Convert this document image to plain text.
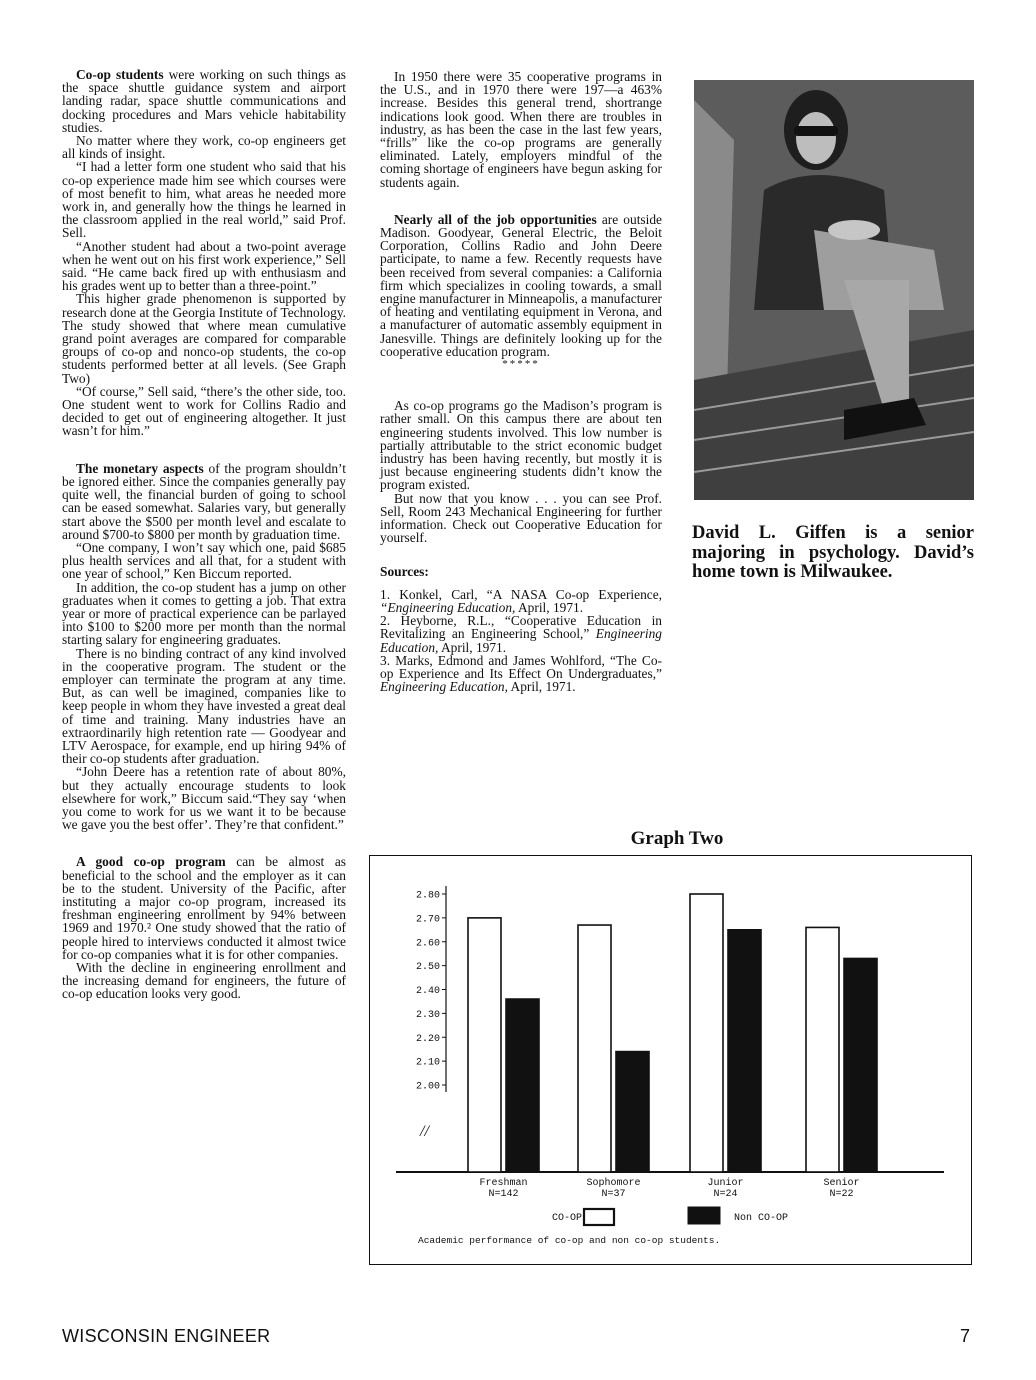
Co-op students were working on such things as the space shuttle guidance system and airport landing radar, space shuttle communications and docking procedures and Mars vehicle habitability studies.

No matter where they work, co-op engineers get all kinds of insight.

“I had a letter form one student who said that his co-op experience made him see which courses were of most benefit to him, what areas he needed more work in, and generally how the things he learned in the classroom applied in the real world,” said Prof. Sell.

“Another student had about a two-point average when he went out on his first work experience,” Sell said. “He came back fired up with enthusiasm and his grades went up to better than a three-point.”

This higher grade phenomenon is supported by research done at the Georgia Institute of Technology. The study showed that where mean cumulative grand point averages are compared for comparable groups of co-op and nonco-op students, the co-op students performed better at all levels. (See Graph Two)

“Of course,” Sell said, “there’s the other side, too. One student went to work for Collins Radio and decided to get out of engineering altogether. It just wasn’t for him.”

The monetary aspects of the program shouldn’t be ignored either. Since the companies generally pay quite well, the financial burden of going to school can be eased somewhat. Salaries vary, but generally start above the $500 per month level and escalate to around $700-to $800 per month by graduation time.

“One company, I won’t say which one, paid $685 plus health services and all that, for a student with one year of school,” Ken Biccum reported.

In addition, the co-op student has a jump on other graduates when it comes to getting a job. That extra year or more of practical experience can be parlayed into $100 to $200 more per month than the normal starting salary for engineering graduates.

There is no binding contract of any kind involved in the cooperative program. The student or the employer can terminate the program at any time. But, as can well be imagined, companies like to keep people in whom they have invested a great deal of time and training. Many industries have an extraordinarily high retention rate — Goodyear and LTV Aerospace, for example, end up hiring 94% of their co-op students after graduation.

“John Deere has a retention rate of about 80%, but they actually encourage students to look elsewhere for work,” Biccum said.“They say ‘when you come to work for us we want it to be because we gave you the best offer’. They’re that confident.”

A good co-op program can be almost as beneficial to the school and the employer as it can be to the student. University of the Pacific, after instituting a major co-op program, increased its freshman engineering enrollment by 94% between 1969 and 1970.² One study showed that the ratio of people hired to interviews conducted it almost twice for co-op companies what it is for other companies.

With the decline in engineering enrollment and the increasing demand for engineers, the future of co-op education looks very good.

In 1950 there were 35 cooperative programs in the U.S., and in 1970 there were 197—a 463% increase. Besides this general trend, shortrange indications look good. When there are troubles in industry, as has been the case in the last few years, “frills” like the co-op programs are generally eliminated. Lately, employers mindful of the coming shortage of engineers have begun asking for students again.

Nearly all of the job opportunities are outside Madison. Goodyear, General Electric, the Beloit Corporation, Collins Radio and John Deere participate, to name a few. Recently requests have been received from several companies: a California firm which specializes in cooling towards, a small engine manufacturer in Minneapolis, a manufacturer of heating and ventilating equipment in Verona, and a manufacturer of automatic assembly equipment in Janesville. Things are definitely looking up for the cooperative education program.

*****

As co-op programs go the Madison’s program is rather small. On this campus there are about ten engineering students involved. This low number is partially attributable to the strict economic budget industry has been having recently, but mostly it is just because engineering students didn’t know the program existed.

But now that you know . . . you can see Prof. Sell, Room 243 Mechanical Engineering for further information. Check out Cooperative Education for yourself.

Sources:

1. Konkel, Carl, “A NASA Co-op Experience, “Engineering Education, April, 1971.

2. Heyborne, R.L., “Cooperative Education in Revitalizing an Engineering School,” Engineering Education, April, 1971.

3. Marks, Edmond and James Wohlford, “The Co-op Experience and Its Effect On Undergraduates,” Engineering Education, April, 1971.

David L. Giffen is a senior majoring in psychology. David’s home town is Milwaukee.
Graph Two
2.80
2.70
2.60
2.50
2.40
2.30
2.20
2.10
2.00
//
Freshman
N=142
Sophomore
N=37
Junior
N=24
Senior
N=22
CO-OP	Non CO-OP
Academic performance of co-op and non co-op students.
WISCONSIN ENGINEER	7
